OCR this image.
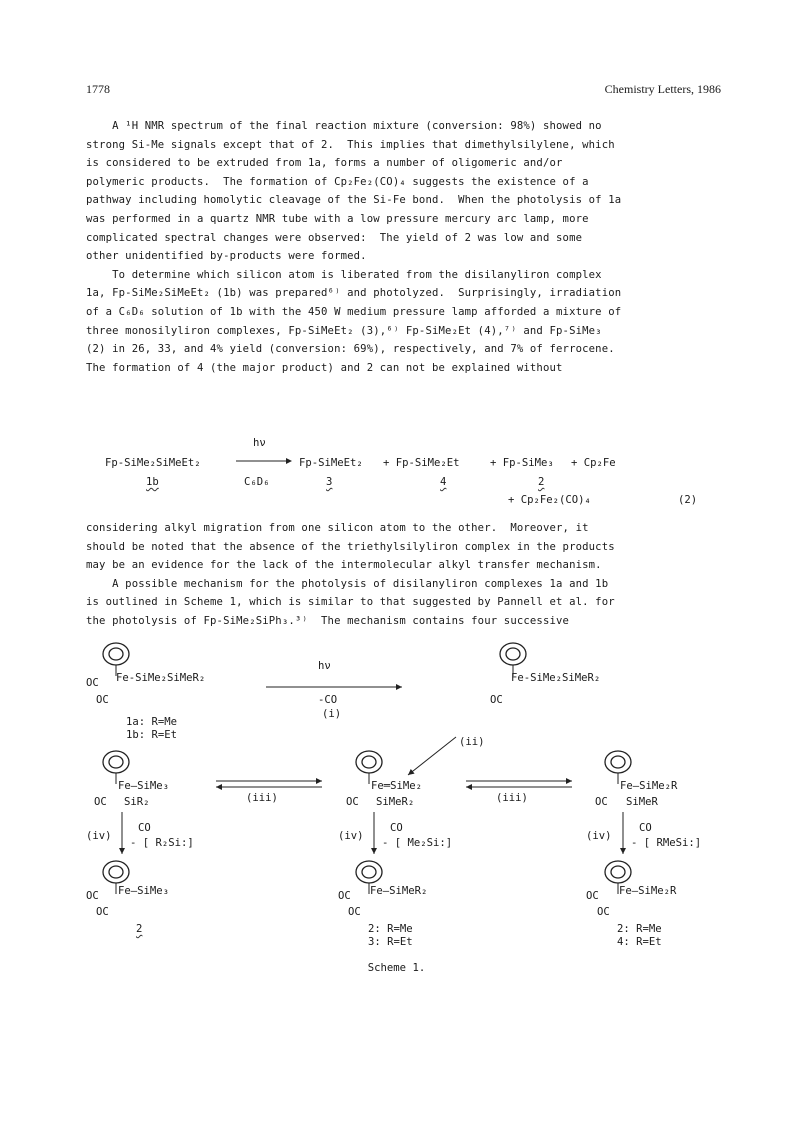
1778	Chemistry Letters, 1986
A ¹H NMR spectrum of the final reaction mixture (conversion: 98%) showed no
strong Si-Me signals except that of 2.  This implies that dimethylsilylene, which
is considered to be extruded from 1a, forms a number of oligomeric and/or
polymeric products.  The formation of Cp₂Fe₂(CO)₄ suggests the existence of a
pathway including homolytic cleavage of the Si-Fe bond.  When the photolysis of 1a
was performed in a quartz NMR tube with a low pressure mercury arc lamp, more
complicated spectral changes were observed:  The yield of 2 was low and some
other unidentified by-products were formed.
To determine which silicon atom is liberated from the disilanyliron complex
1a, Fp-SiMe₂SiMeEt₂ (1b) was prepared⁶⁾ and photolyzed.  Surprisingly, irradiation
of a C₆D₆ solution of 1b with the 450 W medium pressure lamp afforded a mixture of
three monosilyliron complexes, Fp-SiMeEt₂ (3),⁶⁾ Fp-SiMe₂Et (4),⁷⁾ and Fp-SiMe₃
(2) in 26, 33, and 4% yield (conversion: 69%), respectively, and 7% of ferrocene.
The formation of 4 (the major product) and 2 can not be explained without
hν
Fp-SiMe₂SiMeEt₂ → Fp-SiMeEt₂ + Fp-SiMe₂Et	+ Fp-SiMe₃ + Cp₂Fe
1b	C₆D₆	3	4	2
+ Cp₂Fe₂(CO)₄	(2)
considering alkyl migration from one silicon atom to the other.  Moreover, it
should be noted that the absence of the triethylsilyliron complex in the products
may be an evidence for the lack of the intermolecular alkyl transfer mechanism.
A possible mechanism for the photolysis of disilanyliron complexes 1a and 1b
is outlined in Scheme 1, which is similar to that suggested by Pannell et al. for
the photolysis of Fp-SiMe₂SiPh₃.³⁾  The mechanism contains four successive
OC Fe-SiMe₂SiMeR₂
OC
hν
-CO
(i)
Fe-SiMe₂SiMeR₂
OC
1a: R=Me
1b: R=Et
(ii)
Fe—SiMe₃
OC SiR₂	(iii)
Fe═SiMe₂
OC SiMeR₂	(iii)
Fe—SiMe₂R
OC SiMeR
(iv)
CO
- [ R₂Si:]
(iv)
CO
- [ Me₂Si:]
(iv)
CO
- [ RMeSi:]
OC Fe—SiMe₃
OC
2
OC Fe—SiMeR₂
OC
2: R=Me
3: R=Et
OC Fe—SiMe₂R
OC
2: R=Me
4: R=Et
Scheme 1.
